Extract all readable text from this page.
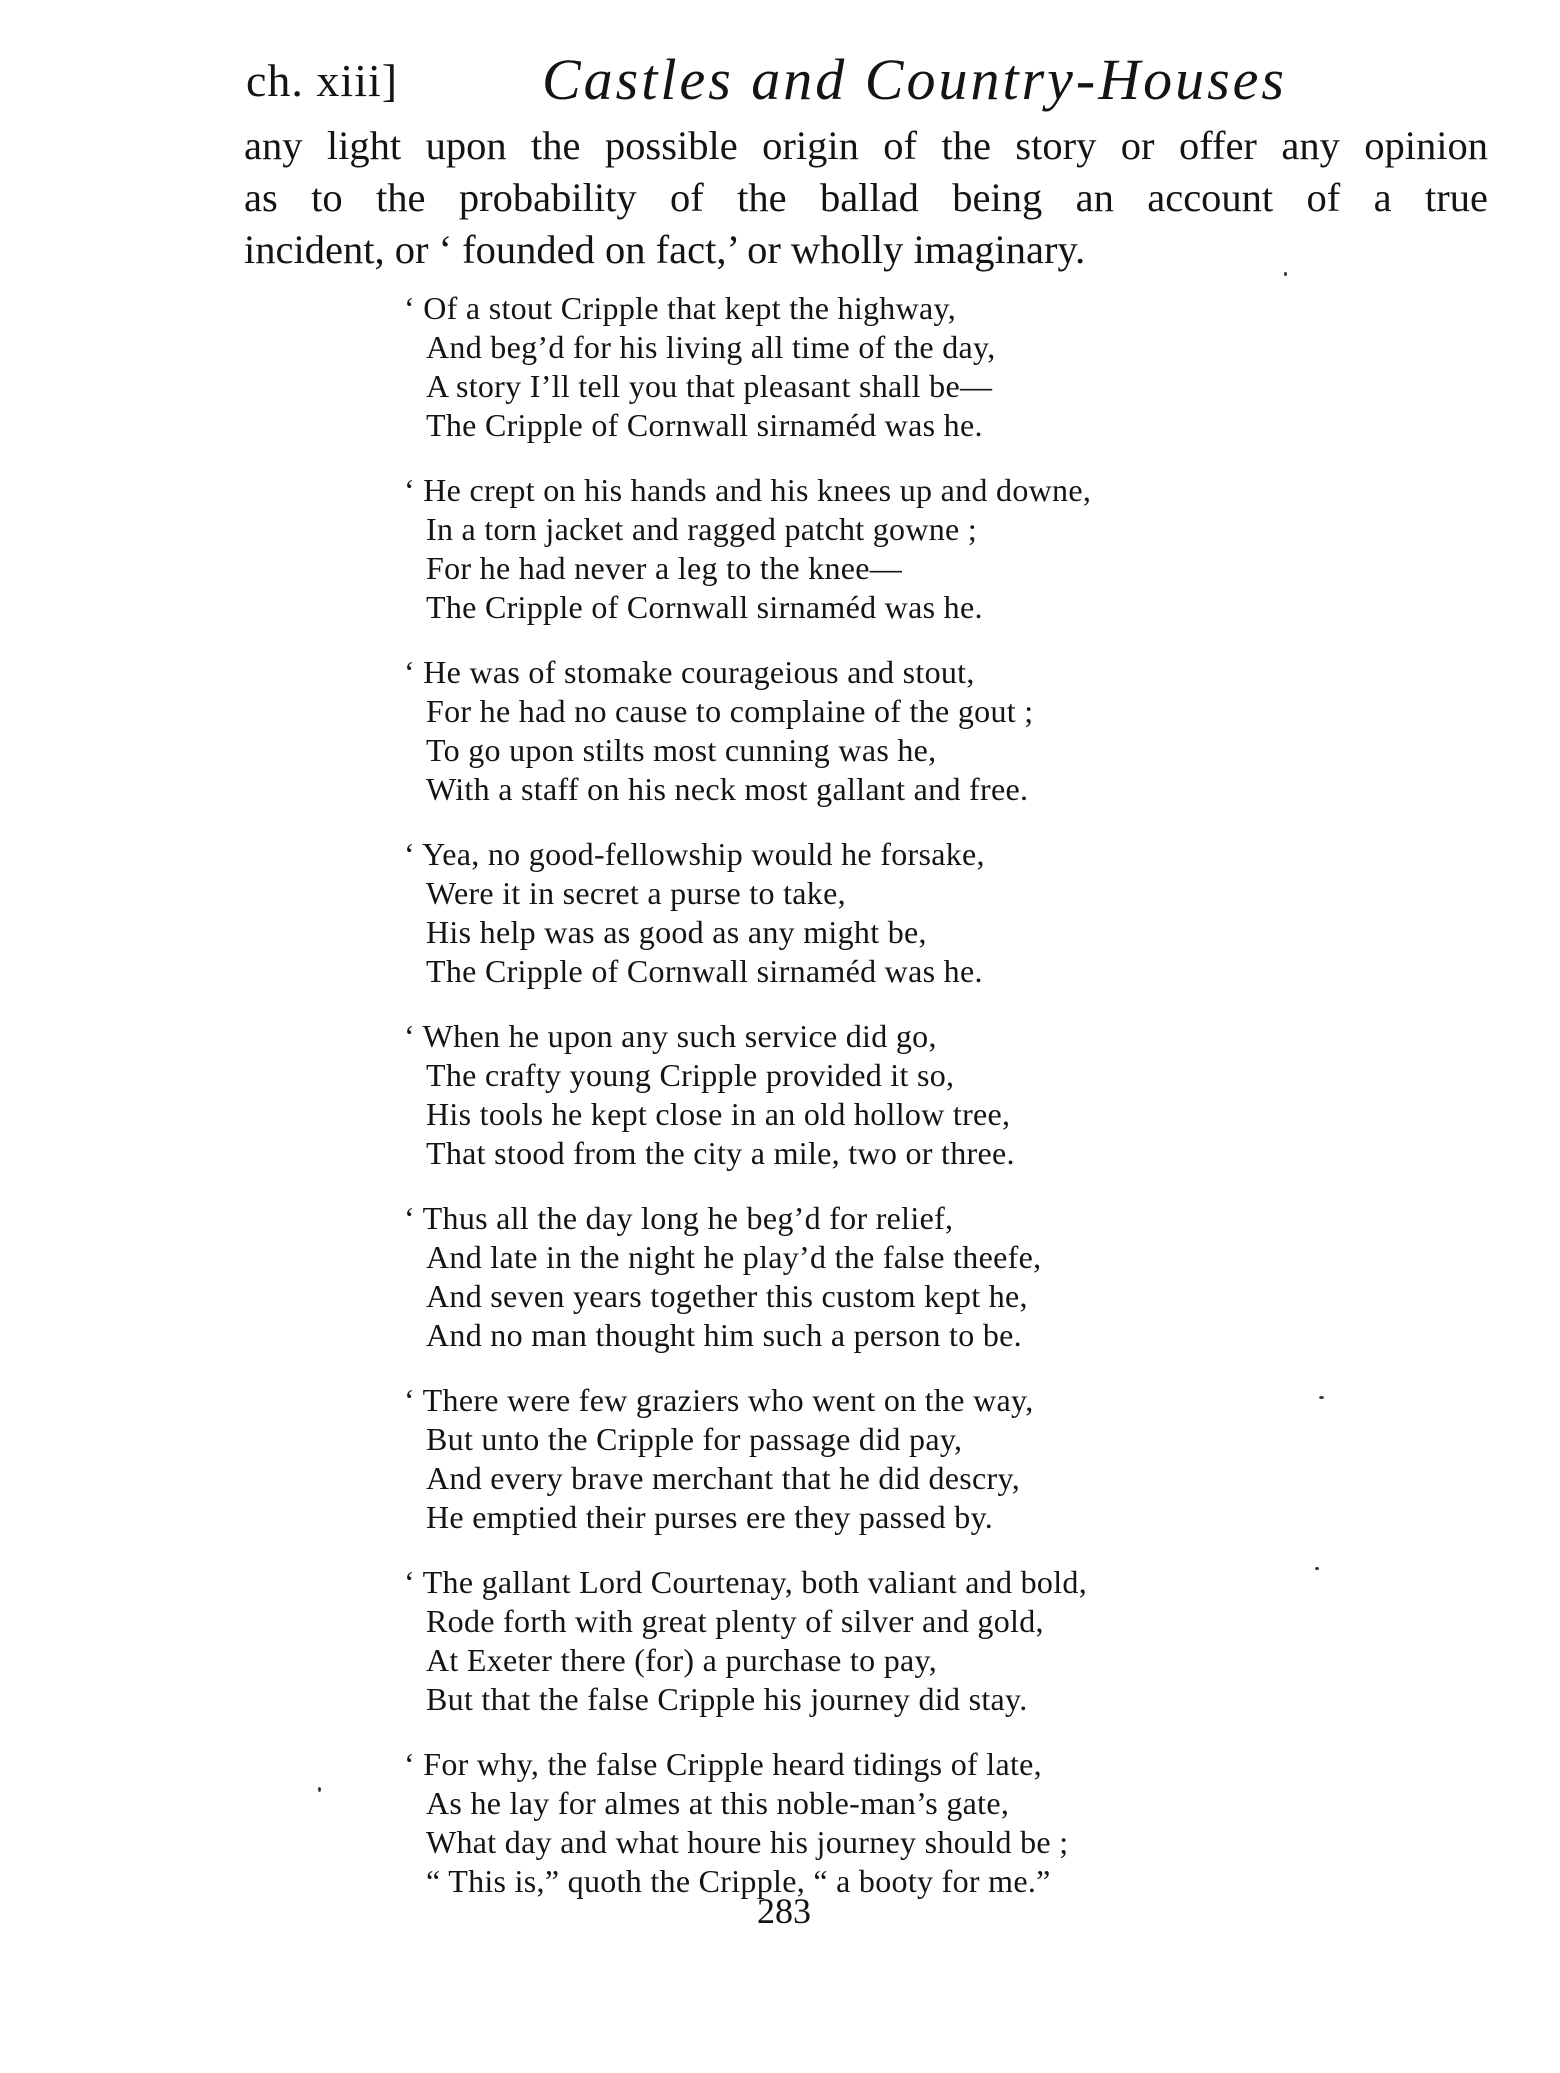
ch. xiii] Castles and Country-Houses
any light upon the possible origin of the story or offer any opinion
as to the probability of the ballad being an account of a true
incident, or ‘ founded on fact,’ or wholly imaginary.
‘ Of a stout Cripple that kept the highway,
And beg’d for his living all time of the day,
A story I’ll tell you that pleasant shall be—
The Cripple of Cornwall sirnaméd was he.
‘ He crept on his hands and his knees up and downe,
In a torn jacket and ragged patcht gowne ;
For he had never a leg to the knee—
The Cripple of Cornwall sirnaméd was he.
‘ He was of stomake courageious and stout,
For he had no cause to complaine of the gout ;
To go upon stilts most cunning was he,
With a staff on his neck most gallant and free.
‘ Yea, no good-fellowship would he forsake,
Were it in secret a purse to take,
His help was as good as any might be,
The Cripple of Cornwall sirnaméd was he.
‘ When he upon any such service did go,
The crafty young Cripple provided it so,
His tools he kept close in an old hollow tree,
That stood from the city a mile, two or three.
‘ Thus all the day long he beg’d for relief,
And late in the night he play’d the false theefe,
And seven years together this custom kept he,
And no man thought him such a person to be.
‘ There were few graziers who went on the way,
But unto the Cripple for passage did pay,
And every brave merchant that he did descry,
He emptied their purses ere they passed by.
‘ The gallant Lord Courtenay, both valiant and bold,
Rode forth with great plenty of silver and gold,
At Exeter there (for) a purchase to pay,
But that the false Cripple his journey did stay.
‘ For why, the false Cripple heard tidings of late,
As he lay for almes at this noble-man’s gate,
What day and what houre his journey should be ;
“ This is,” quoth the Cripple, “ a booty for me.”
283
